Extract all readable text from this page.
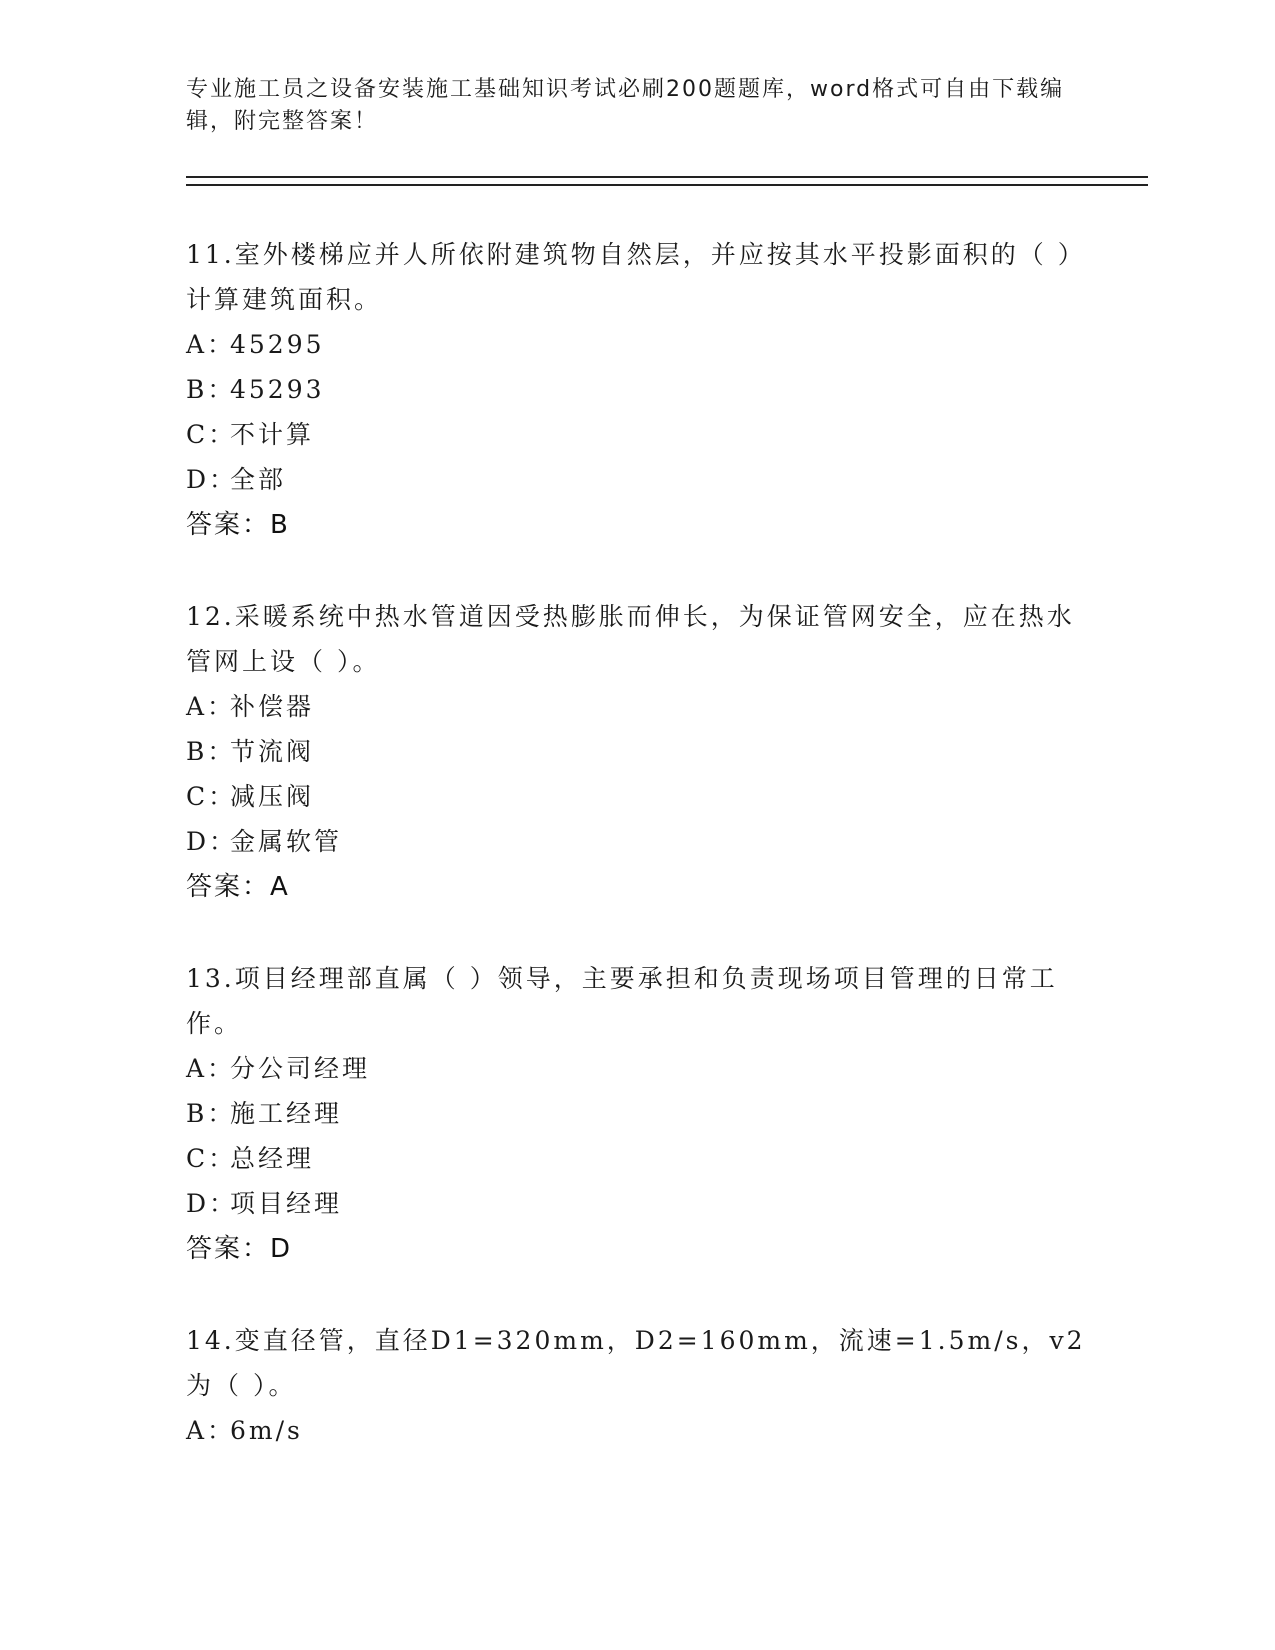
专业施工员之设备安装施工基础知识考试必刷200题题库，word格式可自由下载编辑，附完整答案！

11.室外楼梯应并人所依附建筑物自然层，并应按其水平投影面积的（ ）计算建筑面积。

A：45295

B：45293

C：不计算

D：全部

答案：B

12.采暖系统中热水管道因受热膨胀而伸长，为保证管网安全，应在热水管网上设（ ）。

A：补偿器

B：节流阀

C：减压阀

D：金属软管

答案：A

13.项目经理部直属（ ）领导，主要承担和负责现场项目管理的日常工作。

A：分公司经理

B：施工经理

C：总经理

D：项目经理

答案：D

14.变直径管，直径D1=320mm，D2=160mm，流速=1.5m/s，v2为（ ）。

A：6m/s
